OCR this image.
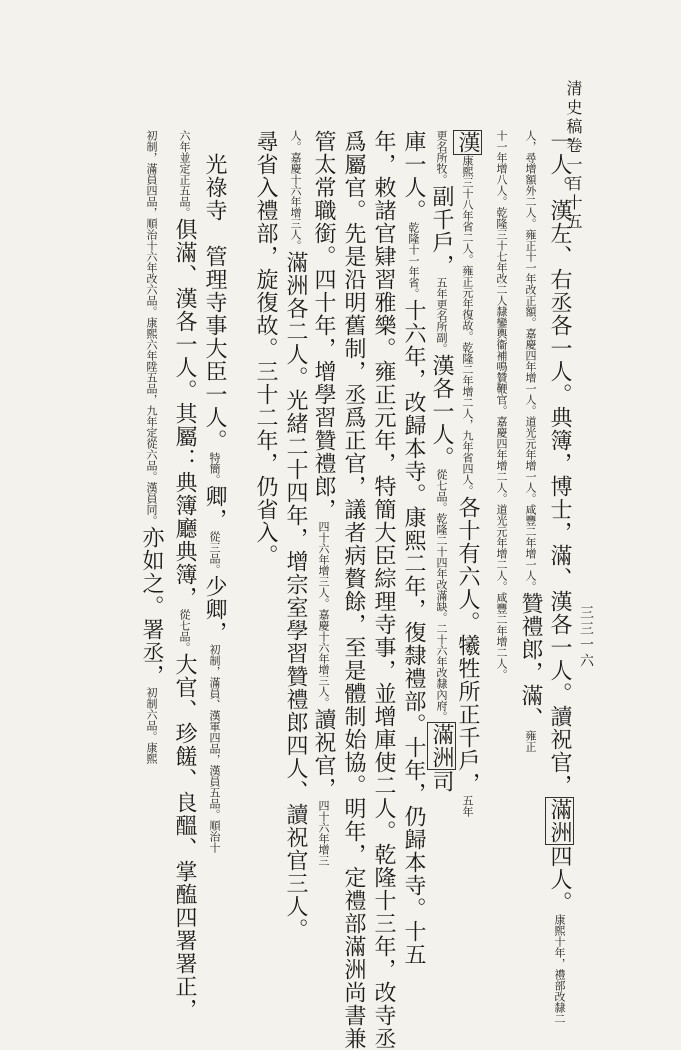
清史稿卷一百十五
三三一六
一人。漢左、右丞各一人。典簿，博士，滿、漢各一人。讀祝官，滿洲四人。康熙十年，禮部改隸二
人，尋增額外二人。雍正十一年改正額。嘉慶四年增一人。道光元年增一人。咸豐二年增一人。贊禮郎，滿、雍正
十一年增八人。乾隆三十七年改二人隸鑾輿衞補鳴贊鞭官。嘉慶四年增二人。道光元年增二人。咸豐二年增二人。
漢康熙三十八年省二人。雍正元年復故。乾隆二年增二人，九年省四人。各十有六人。犧牲所正千戶，五年
更名所牧。副千戶，五年更名所副。漢各一人。從七品。乾隆二十四年改滿缺。二十六年改隸內府。滿洲司
庫一人。乾隆十一年省。十六年，改歸本寺。康熙二年，復隸禮部。十年，仍歸本寺。十五
年，敕諸官肄習雅樂。雍正元年，特簡大臣綜理寺事，並增庫使二人。乾隆十三年，改寺丞
爲屬官。先是沿明舊制，丞爲正官，議者病贅餘，至是體制始協。明年，定禮部滿洲尚書兼
管太常職銜。四十年，增學習贊禮郎，四十六年增三人。嘉慶十六年增三人。讀祝官，四十六年增三
人。嘉慶十六年增三人。滿洲各二人。光緒二十四年，增宗室學習贊禮郎四人、讀祝官三人。
尋省入禮部，旋復故。三十二年，仍省入。
　光祿寺　管理寺事大臣一人。特簡。卿，從三品。少卿，初制，滿員、漢軍四品，漢員五品。順治十
六年並定正五品。俱滿、漢各一人。其屬：典簿廳典簿，從七品。大官、珍饈、良醞、掌醢四署署正，
初制，滿員四品，順治十六年改六品。康熙六年陞五品，九年定從六品。漢員同。亦如之。署丞，初制六品。康熙
